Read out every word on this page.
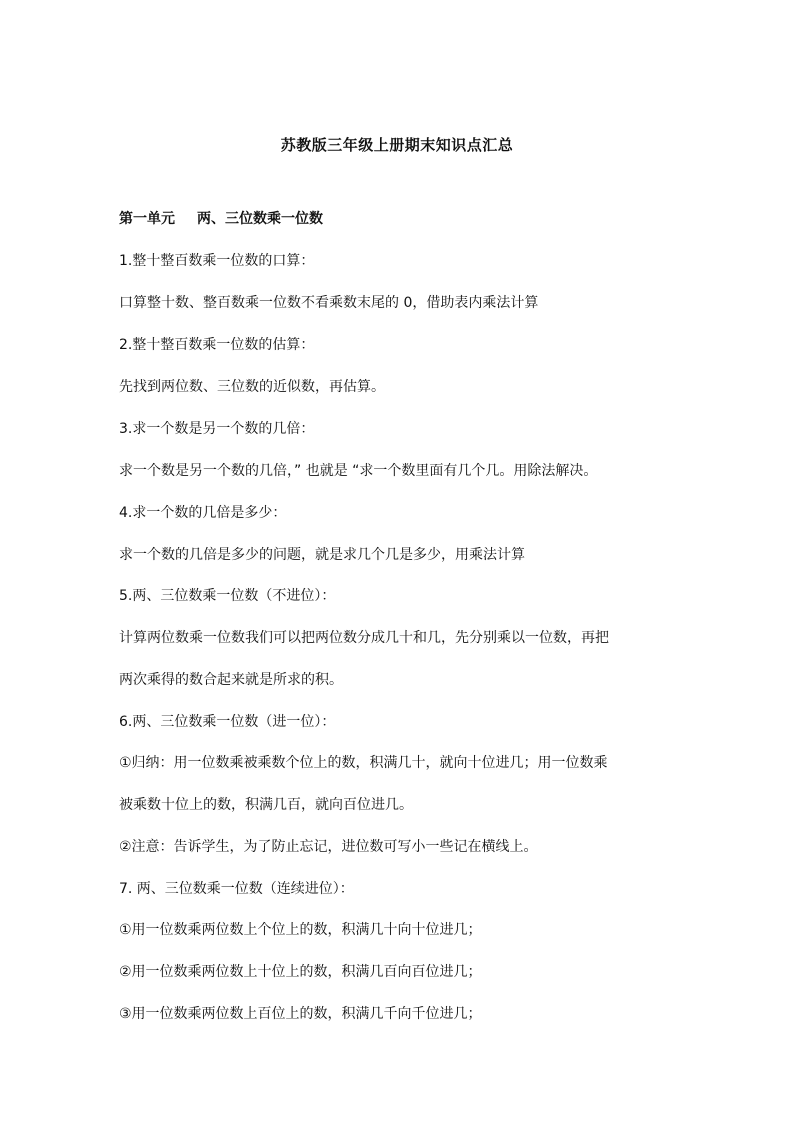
苏教版三年级上册期末知识点汇总
第一单元 两、三位数乘一位数
1.整十整百数乘一位数的口算：
口算整十数、整百数乘一位数不看乘数末尾的 0，借助表内乘法计算
2.整十整百数乘一位数的估算：
先找到两位数、三位数的近似数，再估算。
3.求一个数是另一个数的几倍：
求一个数是另一个数的几倍，” 也就是 “求一个数里面有几个几。用除法解决。
4.求一个数的几倍是多少：
求一个数的几倍是多少的问题，就是求几个几是多少，用乘法计算
5.两、三位数乘一位数（不进位）：
计算两位数乘一位数我们可以把两位数分成几十和几，先分别乘以一位数，再把
两次乘得的数合起来就是所求的积。
6.两、三位数乘一位数（进一位）：
①归纳：用一位数乘被乘数个位上的数，积满几十，就向十位进几；用一位数乘
被乘数十位上的数，积满几百，就向百位进几。
②注意：告诉学生，为了防止忘记，进位数可写小一些记在横线上。
7. 两、三位数乘一位数（连续进位）：
①用一位数乘两位数上个位上的数，积满几十向十位进几；
②用一位数乘两位数上十位上的数，积满几百向百位进几；
③用一位数乘两位数上百位上的数，积满几千向千位进几；
